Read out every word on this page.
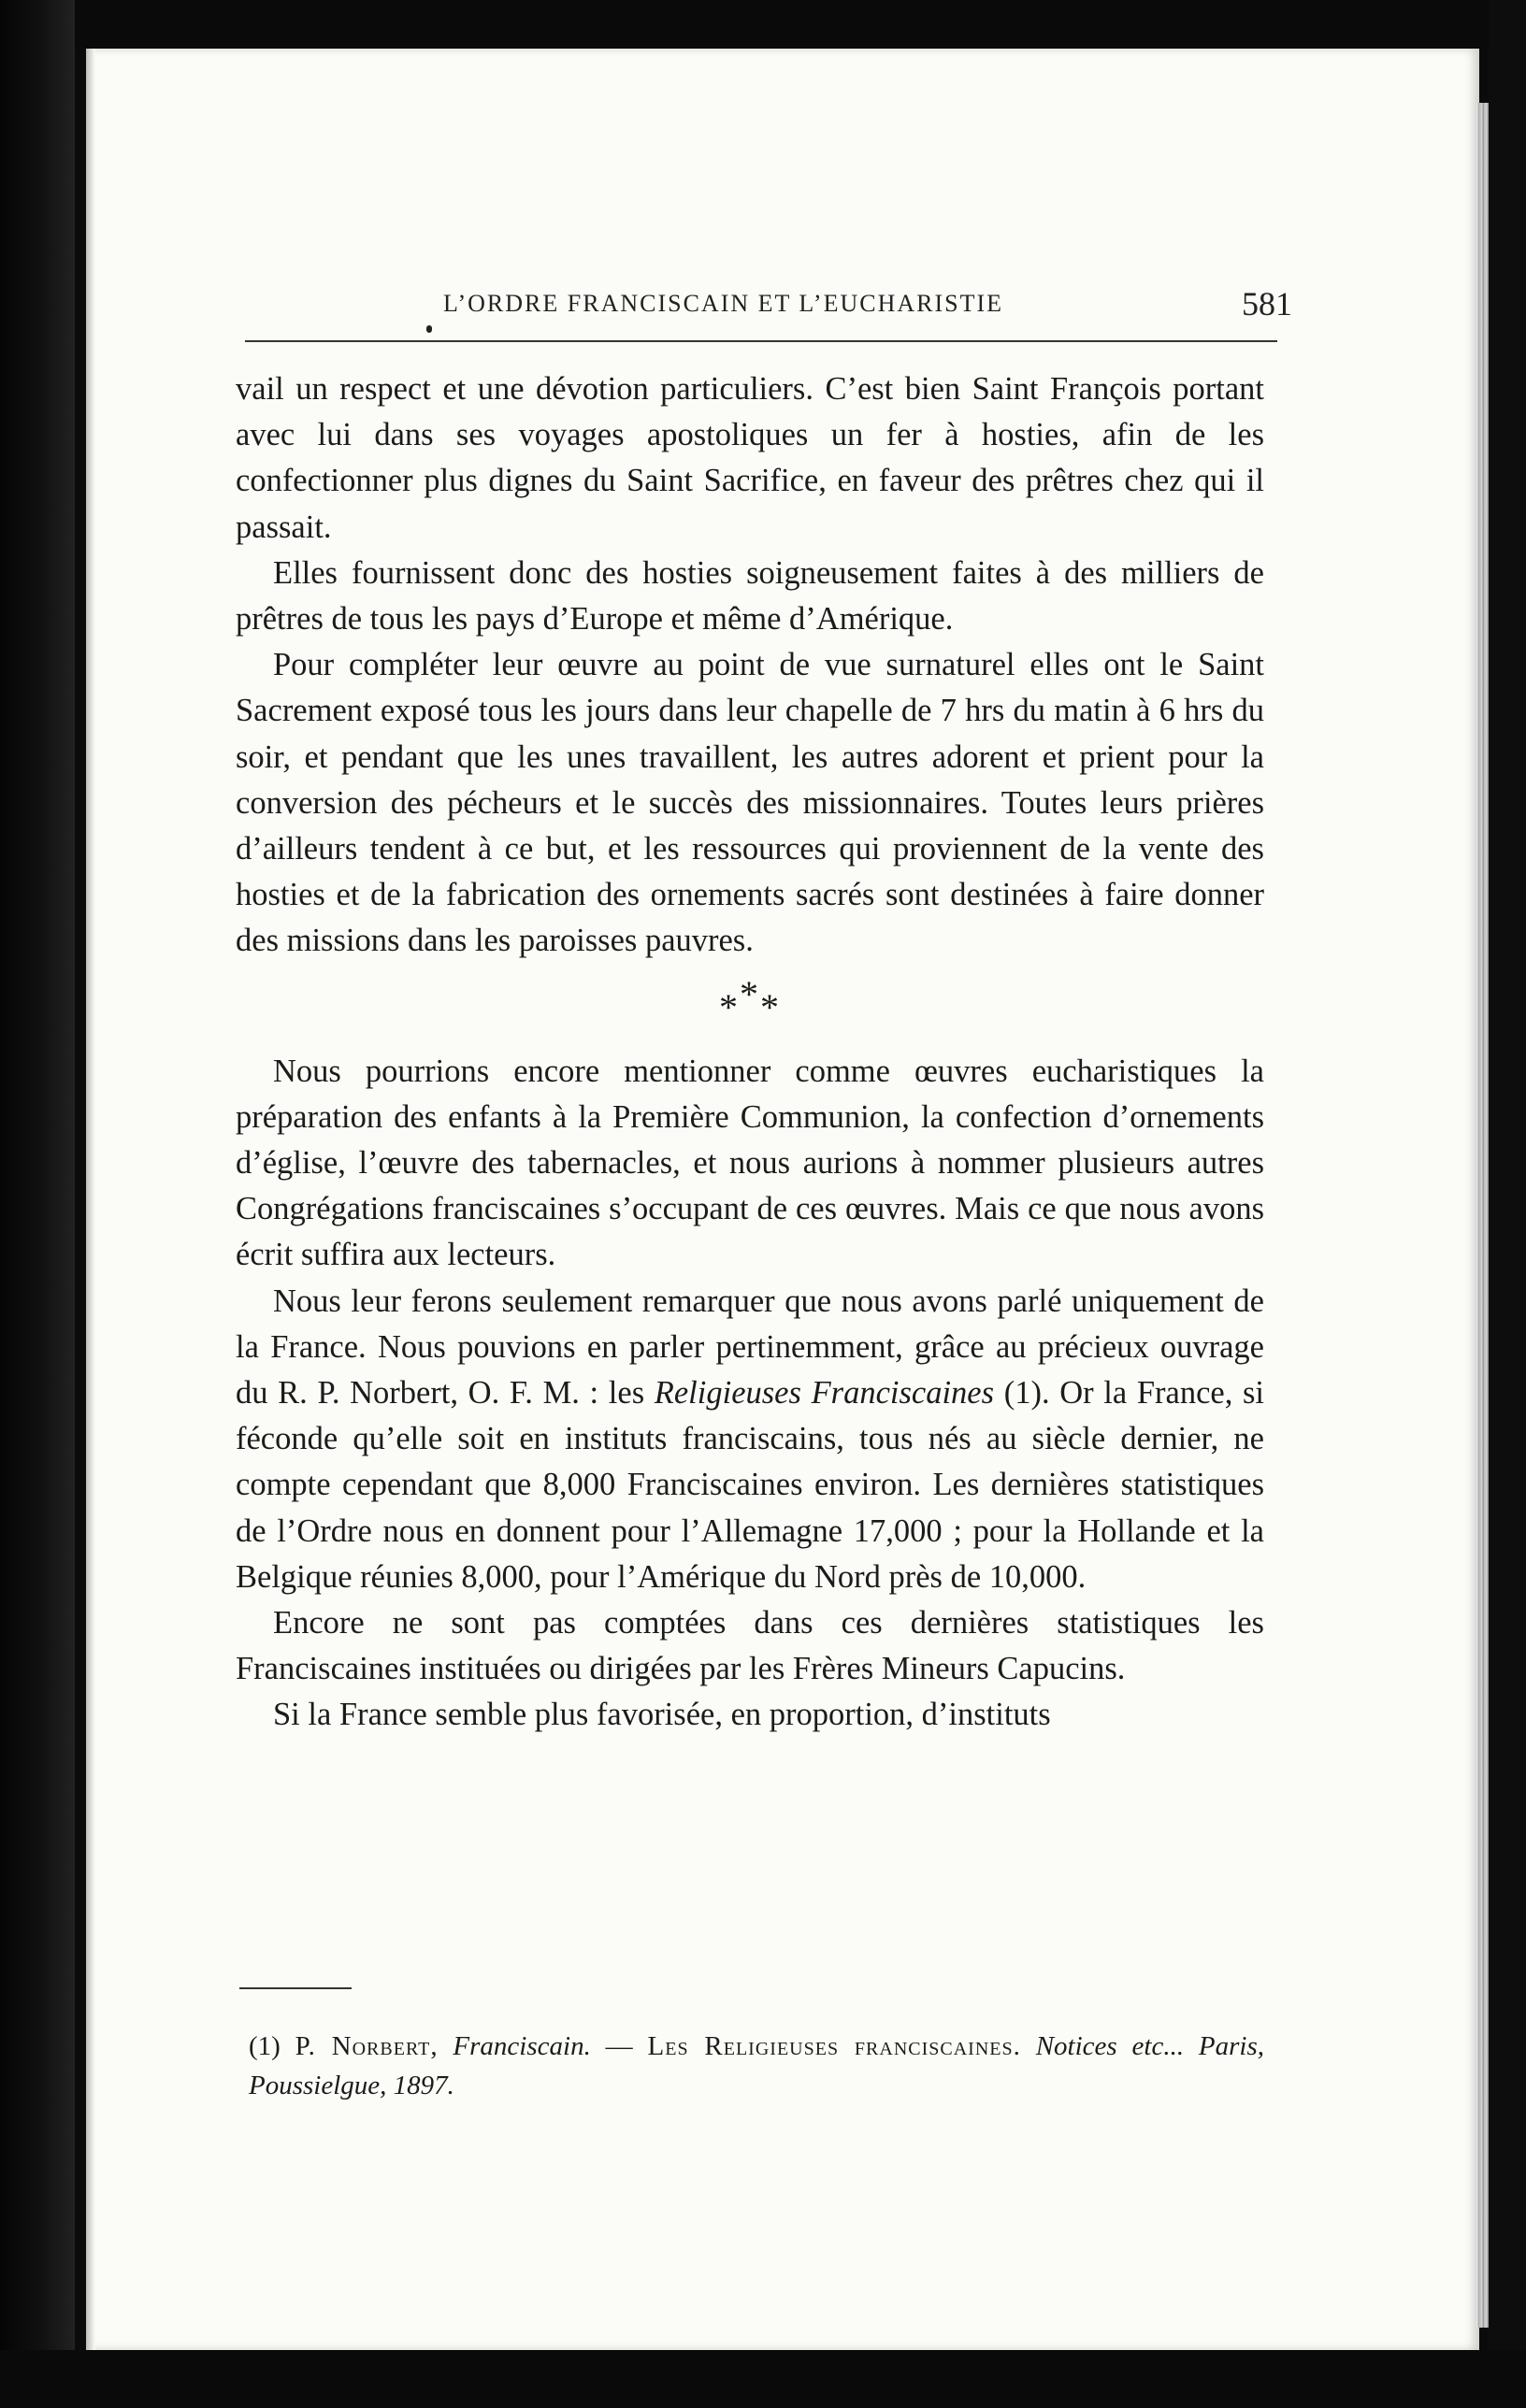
L’ORDRE FRANCISCAIN ET L’EUCHARISTIE	581

vail un respect et une dévotion particuliers. C’est bien Saint François portant avec lui dans ses voyages apostoliques un fer à hosties, afin de les confectionner plus dignes du Saint Sacrifice, en faveur des prêtres chez qui il passait.

Elles fournissent donc des hosties soigneusement faites à des milliers de prêtres de tous les pays d’Europe et même d’Amérique.

Pour compléter leur œuvre au point de vue surnaturel elles ont le Saint Sacrement exposé tous les jours dans leur chapelle de 7 hrs du matin à 6 hrs du soir, et pendant que les unes travaillent, les autres adorent et prient pour la conversion des pécheurs et le succès des missionnaires. Toutes leurs prières d’ailleurs tendent à ce but, et les ressources qui proviennent de la vente des hosties et de la fabrication des ornements sacrés sont destinées à faire donner des missions dans les paroisses pauvres.

***

Nous pourrions encore mentionner comme œuvres eucharistiques la préparation des enfants à la Première Communion, la confection d’ornements d’église, l’œuvre des tabernacles, et nous aurions à nommer plusieurs autres Congrégations franciscaines s’occupant de ces œuvres. Mais ce que nous avons écrit suffira aux lecteurs.

Nous leur ferons seulement remarquer que nous avons parlé uniquement de la France. Nous pouvions en parler pertinemment, grâce au précieux ouvrage du R. P. Norbert, O. F. M. : les Religieuses Franciscaines (1). Or la France, si féconde qu’elle soit en instituts franciscains, tous nés au siècle dernier, ne compte cependant que 8,000 Franciscaines environ. Les dernières statistiques de l’Ordre nous en donnent pour l’Allemagne 17,000 ; pour la Hollande et la Belgique réunies 8,000, pour l’Amérique du Nord près de 10,000.

Encore ne sont pas comptées dans ces dernières statistiques les Franciscaines instituées ou dirigées par les Frères Mineurs Capucins.

Si la France semble plus favorisée, en proportion, d’instituts

(1) P. Norbert, Franciscain. — Les Religieuses franciscaines. Notices etc... Paris, Poussielgue, 1897.
